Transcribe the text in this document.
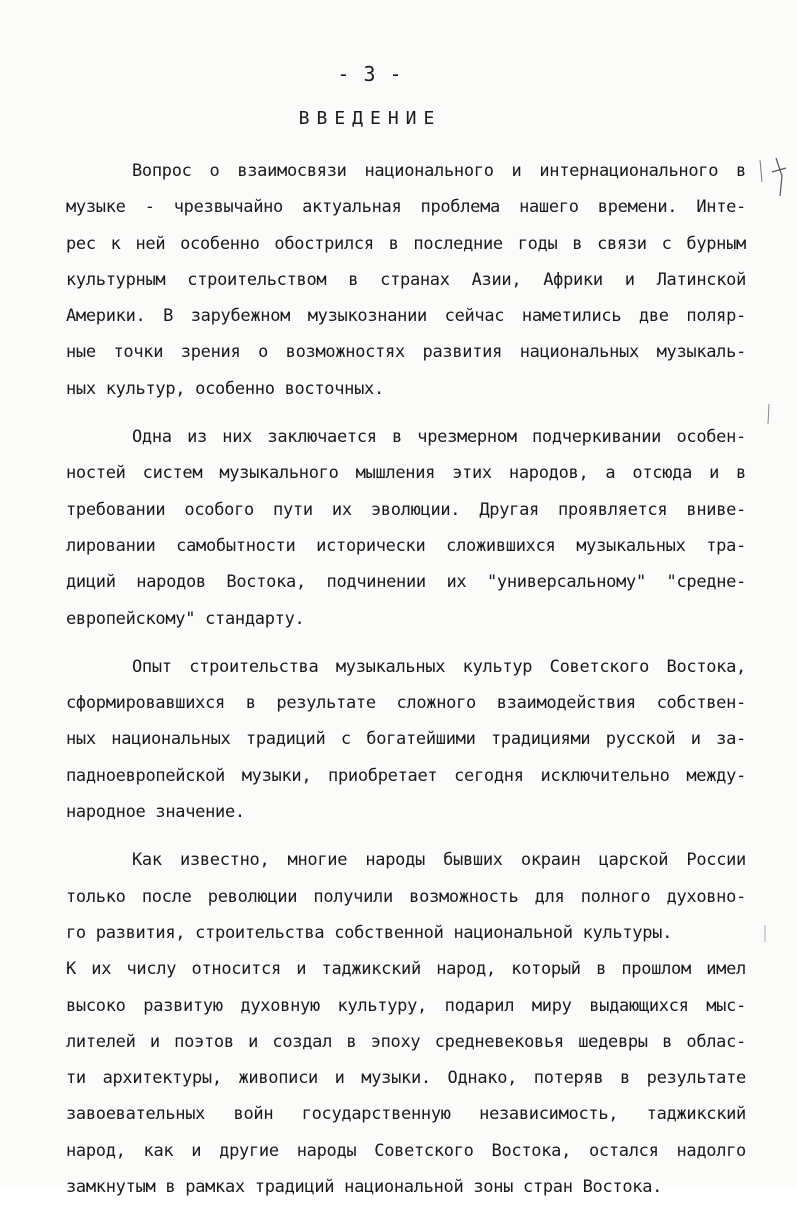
- 3 -
ВВЕДЕНИЕ
Вопрос о взаимосвязи национального и интернационального в
музыке - чрезвычайно актуальная проблема нашего времени. Инте-
рес к ней особенно обострился в последние годы в связи с бурным
культурным строительством в странах Азии, Африки и Латинской
Америки. В зарубежном музыкознании сейчас наметились две поляр-
ные точки зрения о возможностях развития национальных музыкаль-
ных культур, особенно восточных.
Одна из них заключается в чрезмерном подчеркивании особен-
ностей систем музыкального мышления этих народов, а отсюда и в
требовании особого пути их эволюции. Другая проявляется вниве-
лировании самобытности исторически сложившихся музыкальных тра-
диций народов Востока, подчинении их "универсальному" "средне-
европейскому" стандарту.
Опыт строительства музыкальных культур Советского Востока,
сформировавшихся в результате сложного взаимодействия собствен-
ных национальных традиций с богатейшими традициями русской и за-
падноевропейской музыки, приобретает сегодня исключительно между-
народное значение.
Как известно, многие народы бывших окраин царской России
только после революции получили возможность для полного духовно-
го развития, строительства собственной национальной культуры.
К их числу относится и таджикский народ, который в прошлом имел
высоко развитую духовную культуру, подарил миру выдающихся мыс-
лителей и поэтов и создал в эпоху средневековья шедевры в облас-
ти архитектуры, живописи и музыки. Однако, потеряв в результате
завоевательных войн государственную независимость, таджикский
народ, как и другие народы Советского Востока, остался надолго
замкнутым в рамках традиций национальной зоны стран Востока.
